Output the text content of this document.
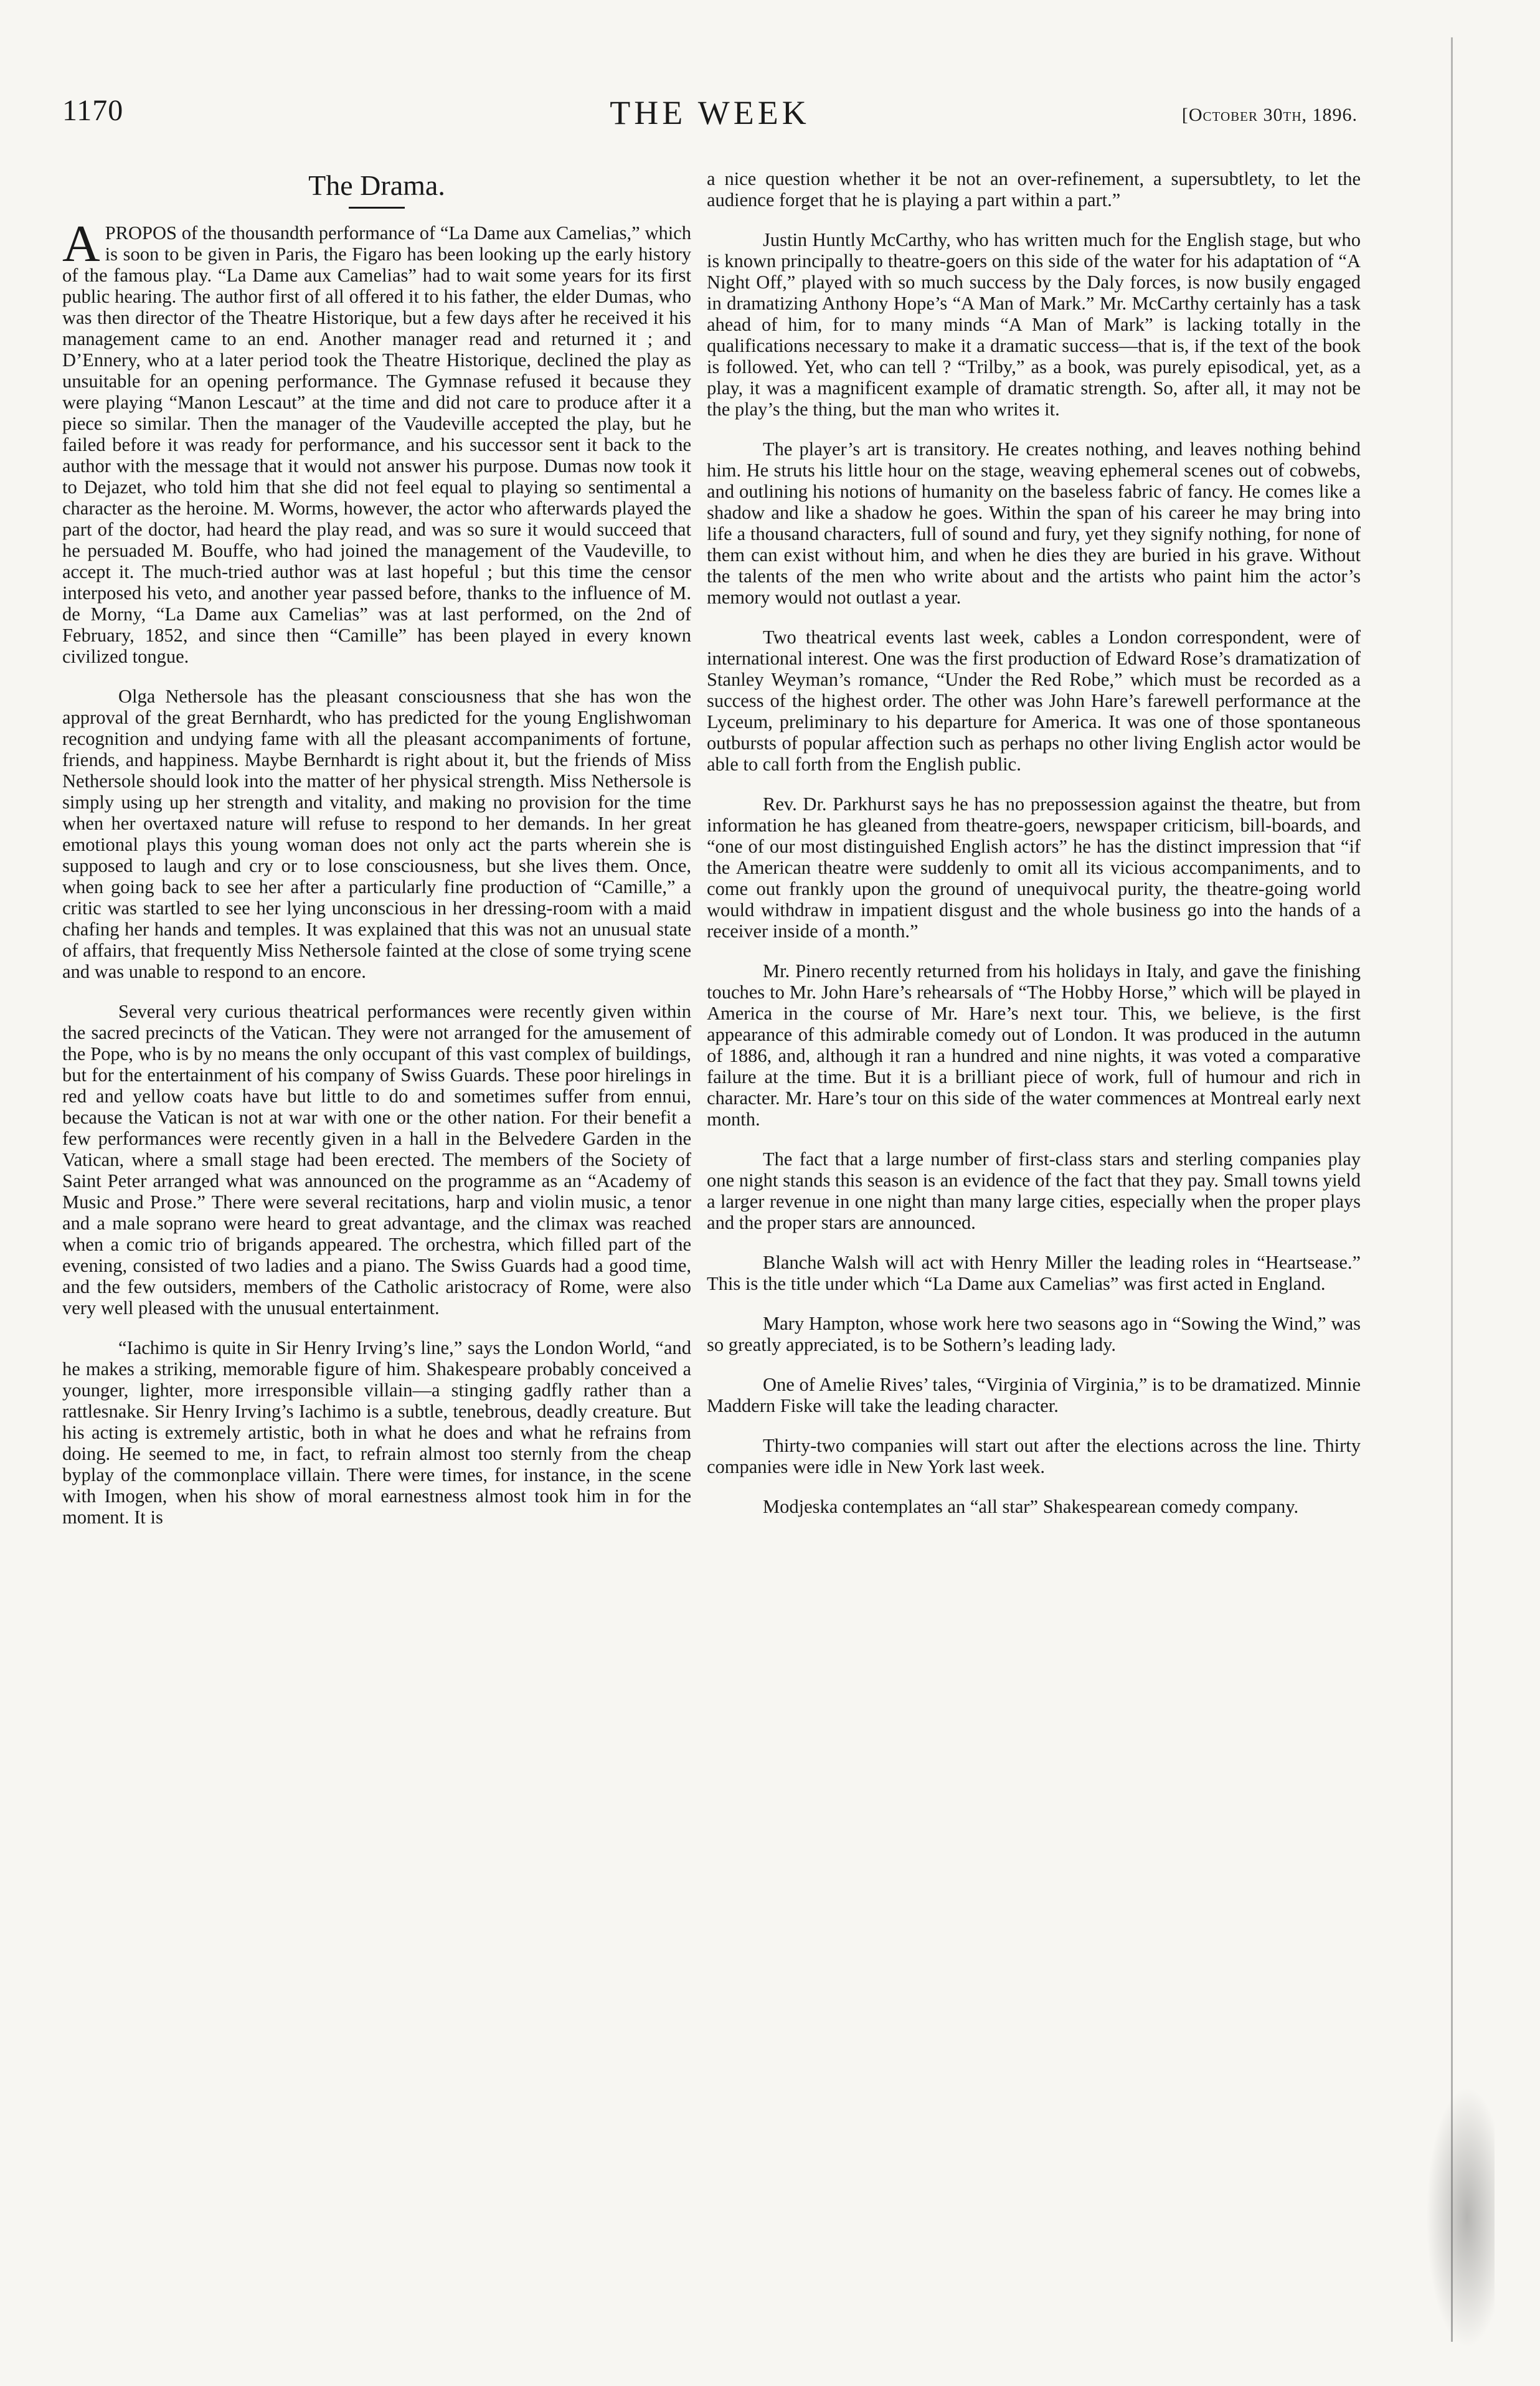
1170	THE WEEK	[October 30th, 1896.
The Drama.

APROPOS of the thousandth performance of “La Dame aux Camelias,” which is soon to be given in Paris, the Figaro has been looking up the early history of the famous play. “La Dame aux Camelias” had to wait some years for its first public hearing. The author first of all offered it to his father, the elder Dumas, who was then director of the Theatre Historique, but a few days after he received it his management came to an end. Another manager read and returned it ; and D’Ennery, who at a later period took the Theatre Historique, declined the play as unsuitable for an opening performance. The Gymnase refused it because they were playing “Manon Lescaut” at the time and did not care to produce after it a piece so similar. Then the manager of the Vaudeville accepted the play, but he failed before it was ready for performance, and his successor sent it back to the author with the message that it would not answer his purpose. Dumas now took it to Dejazet, who told him that she did not feel equal to playing so sentimental a character as the heroine. M. Worms, however, the actor who afterwards played the part of the doctor, had heard the play read, and was so sure it would succeed that he persuaded M. Bouffe, who had joined the management of the Vaudeville, to accept it. The much-tried author was at last hopeful ; but this time the censor interposed his veto, and another year passed before, thanks to the influence of M. de Morny, “La Dame aux Camelias” was at last performed, on the 2nd of February, 1852, and since then “Camille” has been played in every known civilized tongue.

Olga Nethersole has the pleasant consciousness that she has won the approval of the great Bernhardt, who has predicted for the young Englishwoman recognition and undying fame with all the pleasant accompaniments of fortune, friends, and happiness. Maybe Bernhardt is right about it, but the friends of Miss Nethersole should look into the matter of her physical strength. Miss Nethersole is simply using up her strength and vitality, and making no provision for the time when her overtaxed nature will refuse to respond to her demands. In her great emotional plays this young woman does not only act the parts wherein she is supposed to laugh and cry or to lose consciousness, but she lives them. Once, when going back to see her after a particularly fine production of “Camille,” a critic was startled to see her lying unconscious in her dressing-room with a maid chafing her hands and temples. It was explained that this was not an unusual state of affairs, that frequently Miss Nethersole fainted at the close of some trying scene and was unable to respond to an encore.

Several very curious theatrical performances were recently given within the sacred precincts of the Vatican. They were not arranged for the amusement of the Pope, who is by no means the only occupant of this vast complex of buildings, but for the entertainment of his company of Swiss Guards. These poor hirelings in red and yellow coats have but little to do and sometimes suffer from ennui, because the Vatican is not at war with one or the other nation. For their benefit a few performances were recently given in a hall in the Belvedere Garden in the Vatican, where a small stage had been erected. The members of the Society of Saint Peter arranged what was announced on the programme as an “Academy of Music and Prose.” There were several recitations, harp and violin music, a tenor and a male soprano were heard to great advantage, and the climax was reached when a comic trio of brigands appeared. The orchestra, which filled part of the evening, consisted of two ladies and a piano. The Swiss Guards had a good time, and the few outsiders, members of the Catholic aristocracy of Rome, were also very well pleased with the unusual entertainment.

“Iachimo is quite in Sir Henry Irving’s line,” says the London World, “and he makes a striking, memorable figure of him. Shakespeare probably conceived a younger, lighter, more irresponsible villain—a stinging gadfly rather than a rattlesnake. Sir Henry Irving’s Iachimo is a subtle, tenebrous, deadly creature. But his acting is extremely artistic, both in what he does and what he refrains from doing. He seemed to me, in fact, to refrain almost too sternly from the cheap byplay of the commonplace villain. There were times, for instance, in the scene with Imogen, when his show of moral earnestness almost took him in for the moment. It is

a nice question whether it be not an over-refinement, a supersubtlety, to let the audience forget that he is playing a part within a part.”

Justin Huntly McCarthy, who has written much for the English stage, but who is known principally to theatre-goers on this side of the water for his adaptation of “A Night Off,” played with so much success by the Daly forces, is now busily engaged in dramatizing Anthony Hope’s “A Man of Mark.” Mr. McCarthy certainly has a task ahead of him, for to many minds “A Man of Mark” is lacking totally in the qualifications necessary to make it a dramatic success—that is, if the text of the book is followed. Yet, who can tell ? “Trilby,” as a book, was purely episodical, yet, as a play, it was a magnificent example of dramatic strength. So, after all, it may not be the play’s the thing, but the man who writes it.

The player’s art is transitory. He creates nothing, and leaves nothing behind him. He struts his little hour on the stage, weaving ephemeral scenes out of cobwebs, and outlining his notions of humanity on the baseless fabric of fancy. He comes like a shadow and like a shadow he goes. Within the span of his career he may bring into life a thousand characters, full of sound and fury, yet they signify nothing, for none of them can exist without him, and when he dies they are buried in his grave. Without the talents of the men who write about and the artists who paint him the actor’s memory would not outlast a year.

Two theatrical events last week, cables a London correspondent, were of international interest. One was the first production of Edward Rose’s dramatization of Stanley Weyman’s romance, “Under the Red Robe,” which must be recorded as a success of the highest order. The other was John Hare’s farewell performance at the Lyceum, preliminary to his departure for America. It was one of those spontaneous outbursts of popular affection such as perhaps no other living English actor would be able to call forth from the English public.

Rev. Dr. Parkhurst says he has no prepossession against the theatre, but from information he has gleaned from theatre-goers, newspaper criticism, bill-boards, and “one of our most distinguished English actors” he has the distinct impression that “if the American theatre were suddenly to omit all its vicious accompaniments, and to come out frankly upon the ground of unequivocal purity, the theatre-going world would withdraw in impatient disgust and the whole business go into the hands of a receiver inside of a month.”

Mr. Pinero recently returned from his holidays in Italy, and gave the finishing touches to Mr. John Hare’s rehearsals of “The Hobby Horse,” which will be played in America in the course of Mr. Hare’s next tour. This, we believe, is the first appearance of this admirable comedy out of London. It was produced in the autumn of 1886, and, although it ran a hundred and nine nights, it was voted a comparative failure at the time. But it is a brilliant piece of work, full of humour and rich in character. Mr. Hare’s tour on this side of the water commences at Montreal early next month.

The fact that a large number of first-class stars and sterling companies play one night stands this season is an evidence of the fact that they pay. Small towns yield a larger revenue in one night than many large cities, especially when the proper plays and the proper stars are announced.

Blanche Walsh will act with Henry Miller the leading roles in “Heartsease.” This is the title under which “La Dame aux Camelias” was first acted in England.

Mary Hampton, whose work here two seasons ago in “Sowing the Wind,” was so greatly appreciated, is to be Sothern’s leading lady.

One of Amelie Rives’ tales, “Virginia of Virginia,” is to be dramatized. Minnie Maddern Fiske will take the leading character.

Thirty-two companies will start out after the elections across the line. Thirty companies were idle in New York last week.

Modjeska contemplates an “all star” Shakespearean comedy company.
